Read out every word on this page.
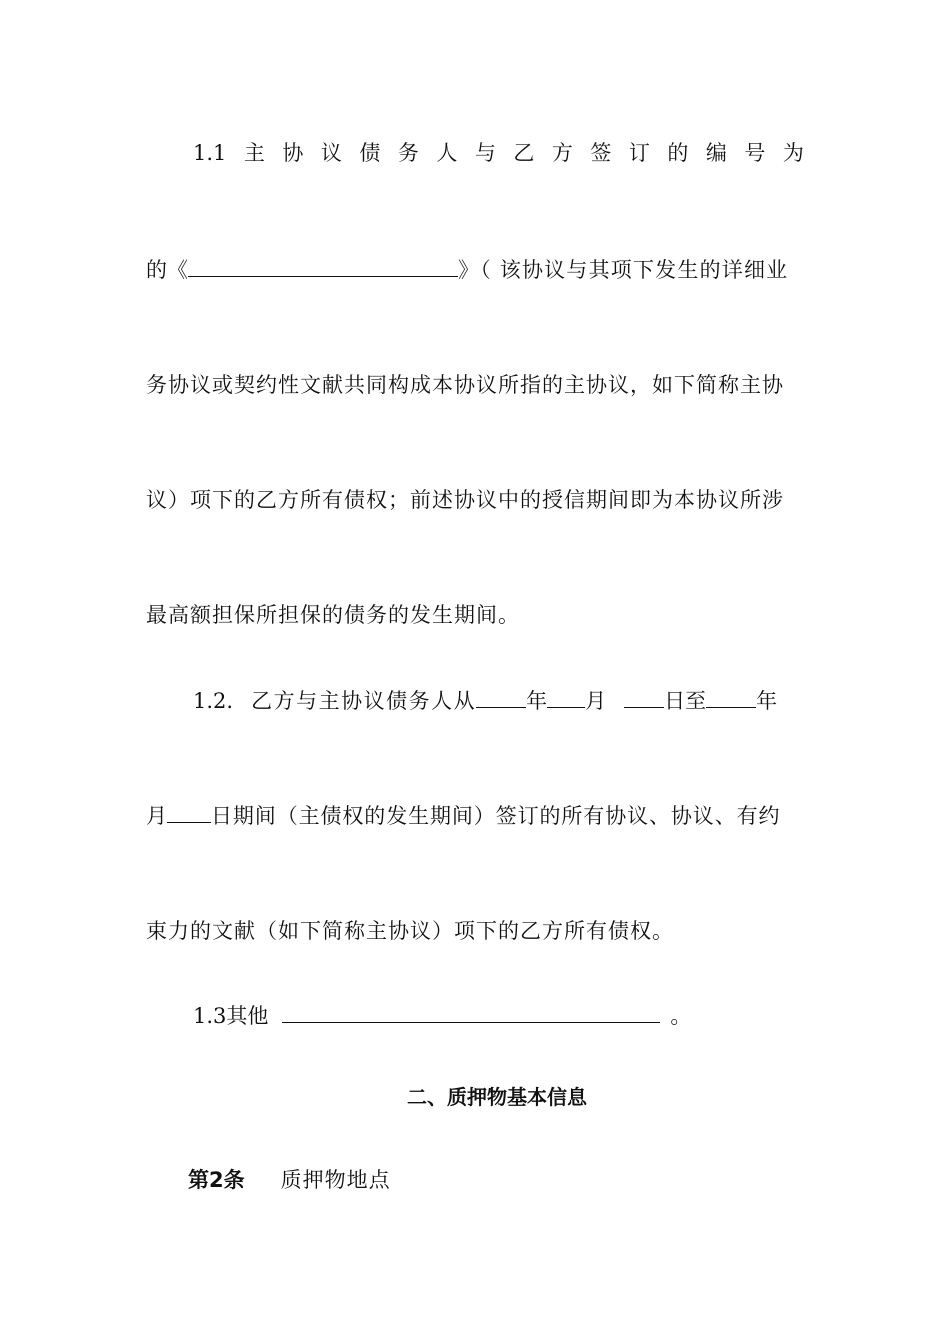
1.1 主 协 议 债 务 人 与 乙 方 签 订 的 编 号 为
的《	》（ 该协议与其项下发生的详细业
务协议或契约性文献共同构成本协议所指的主协议，如下简称主协
议）项下的乙方所有债权；前述协议中的授信期间即为本协议所涉
最高额担保所担保的债务的发生期间。
1.2. 乙方与主协议债务人从 年 月	日至 年
月 日期间（主债权的发生期间）签订的所有协议、协议、有约
束力的文献（如下简称主协议）项下的乙方所有债权。
1.3其他	。
二、质押物基本信息
第2条 质押物地点
